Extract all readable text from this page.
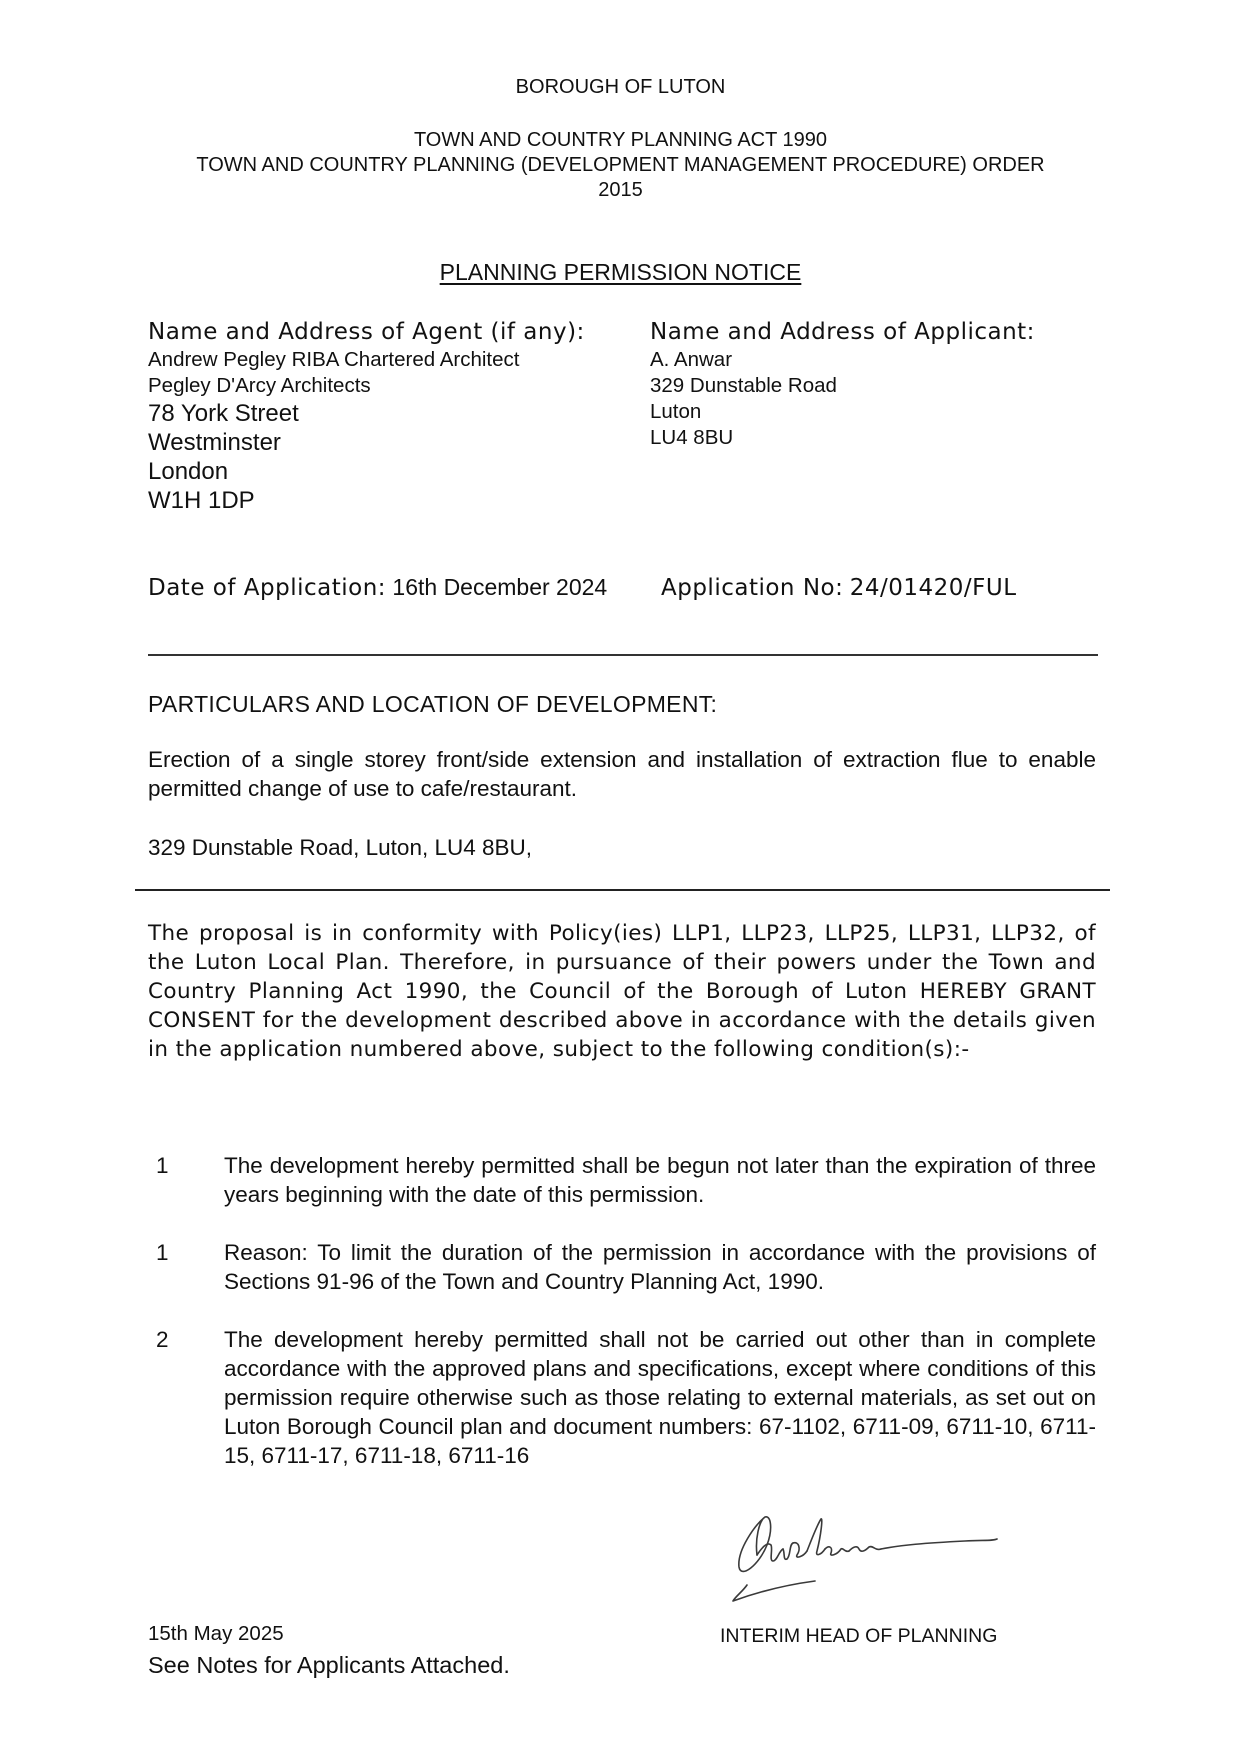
BOROUGH OF LUTON
TOWN AND COUNTRY PLANNING ACT 1990
TOWN AND COUNTRY PLANNING (DEVELOPMENT MANAGEMENT PROCEDURE) ORDER
2015
PLANNING PERMISSION NOTICE
Name and Address of Agent (if any):
Andrew Pegley RIBA Chartered Architect
Pegley D'Arcy Architects
78 York Street
Westminster
London
W1H 1DP
Name and Address of Applicant:
A. Anwar
329 Dunstable Road
Luton
LU4 8BU
Date of Application: 16th December 2024 Application No: 24/01420/FUL
PARTICULARS AND LOCATION OF DEVELOPMENT:
Erection of a single storey front/side extension and installation of extraction flue to enable permitted change of use to cafe/restaurant.
329 Dunstable Road, Luton, LU4 8BU,
The proposal is in conformity with Policy(ies) LLP1, LLP23, LLP25, LLP31, LLP32, of the Luton Local Plan. Therefore, in pursuance of their powers under the Town and Country Planning Act 1990, the Council of the Borough of Luton HEREBY GRANT CONSENT for the development described above in accordance with the details given in the application numbered above, subject to the following condition(s):-
1 The development hereby permitted shall be begun not later than the expiration of three years beginning with the date of this permission.
1 Reason: To limit the duration of the permission in accordance with the provisions of Sections 91-96 of the Town and Country Planning Act, 1990.
2 The development hereby permitted shall not be carried out other than in complete accordance with the approved plans and specifications, except where conditions of this permission require otherwise such as those relating to external materials, as set out on Luton Borough Council plan and document numbers: 67-1102, 6711-09, 6711-10, 6711-15, 6711-17, 6711-18, 6711-16
15th May 2025
See Notes for Applicants Attached.
INTERIM HEAD OF PLANNING
